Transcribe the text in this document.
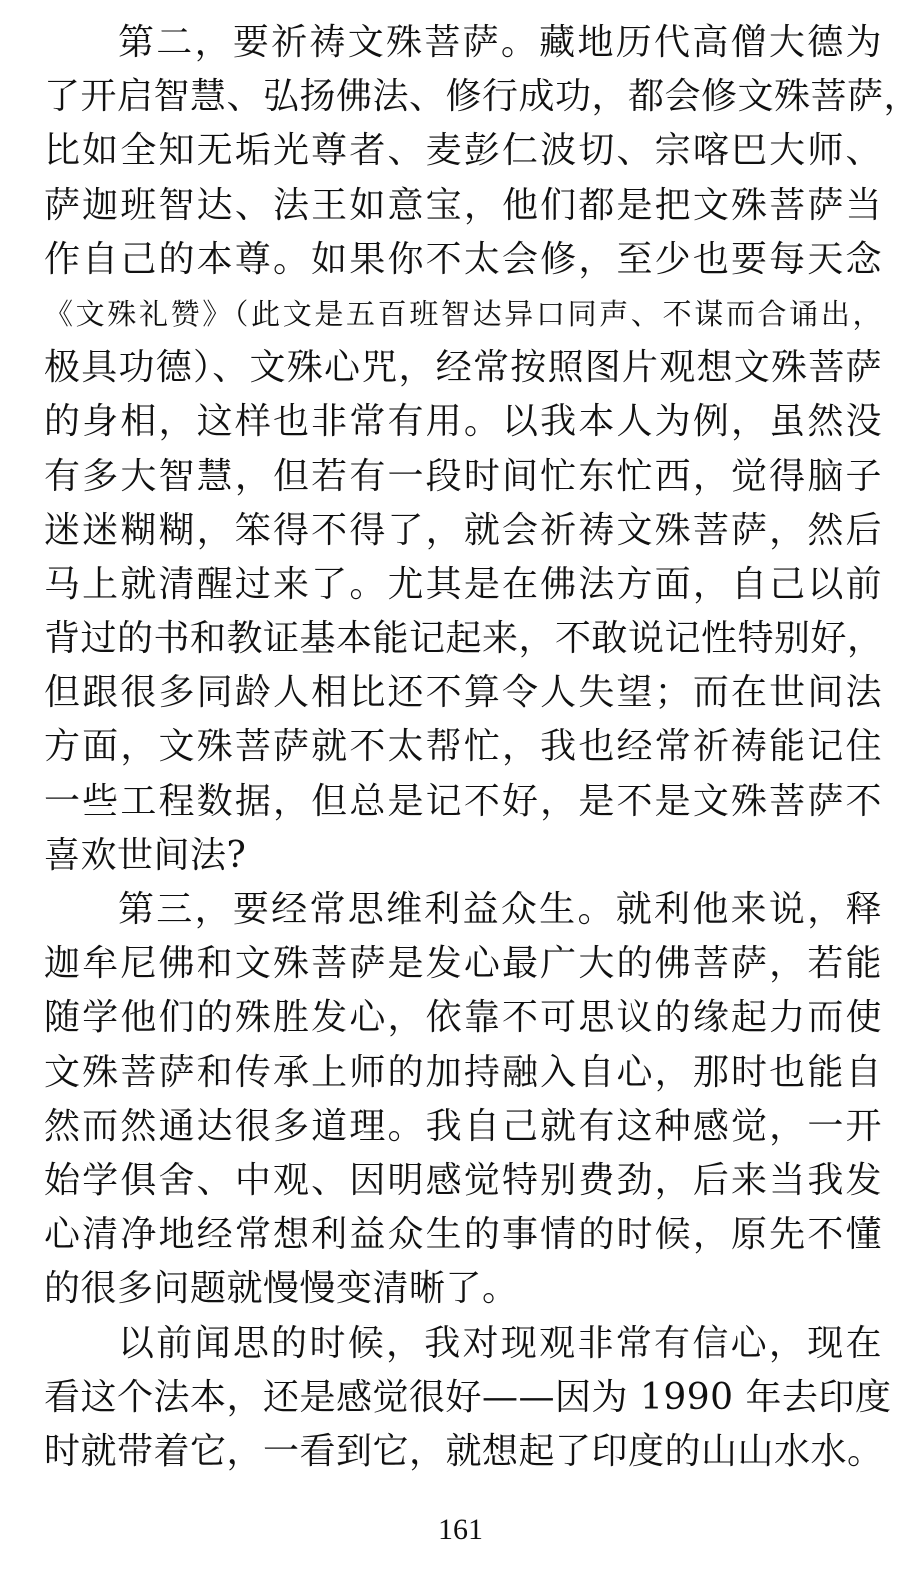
第二，要祈祷文殊菩萨。藏地历代高僧大德为
了开启智慧、弘扬佛法、修行成功，都会修文殊菩萨，
比如全知无垢光尊者、麦彭仁波切、宗喀巴大师、
萨迦班智达、法王如意宝，他们都是把文殊菩萨当
作自己的本尊。如果你不太会修，至少也要每天念
《文殊礼赞》（此文是五百班智达异口同声、不谋而合诵出，
极具功德）、文殊心咒，经常按照图片观想文殊菩萨
的身相，这样也非常有用。以我本人为例，虽然没
有多大智慧，但若有一段时间忙东忙西，觉得脑子
迷迷糊糊，笨得不得了，就会祈祷文殊菩萨，然后
马上就清醒过来了。尤其是在佛法方面，自己以前
背过的书和教证基本能记起来，不敢说记性特别好，
但跟很多同龄人相比还不算令人失望；而在世间法
方面，文殊菩萨就不太帮忙，我也经常祈祷能记住
一些工程数据，但总是记不好，是不是文殊菩萨不
喜欢世间法?
第三，要经常思维利益众生。就利他来说，释
迦牟尼佛和文殊菩萨是发心最广大的佛菩萨，若能
随学他们的殊胜发心，依靠不可思议的缘起力而使
文殊菩萨和传承上师的加持融入自心，那时也能自
然而然通达很多道理。我自己就有这种感觉，一开
始学俱舍、中观、因明感觉特别费劲，后来当我发
心清净地经常想利益众生的事情的时候，原先不懂
的很多问题就慢慢变清晰了。
以前闻思的时候，我对现观非常有信心，现在
看这个法本，还是感觉很好——因为 1990 年去印度
时就带着它，一看到它，就想起了印度的山山水水。
161
